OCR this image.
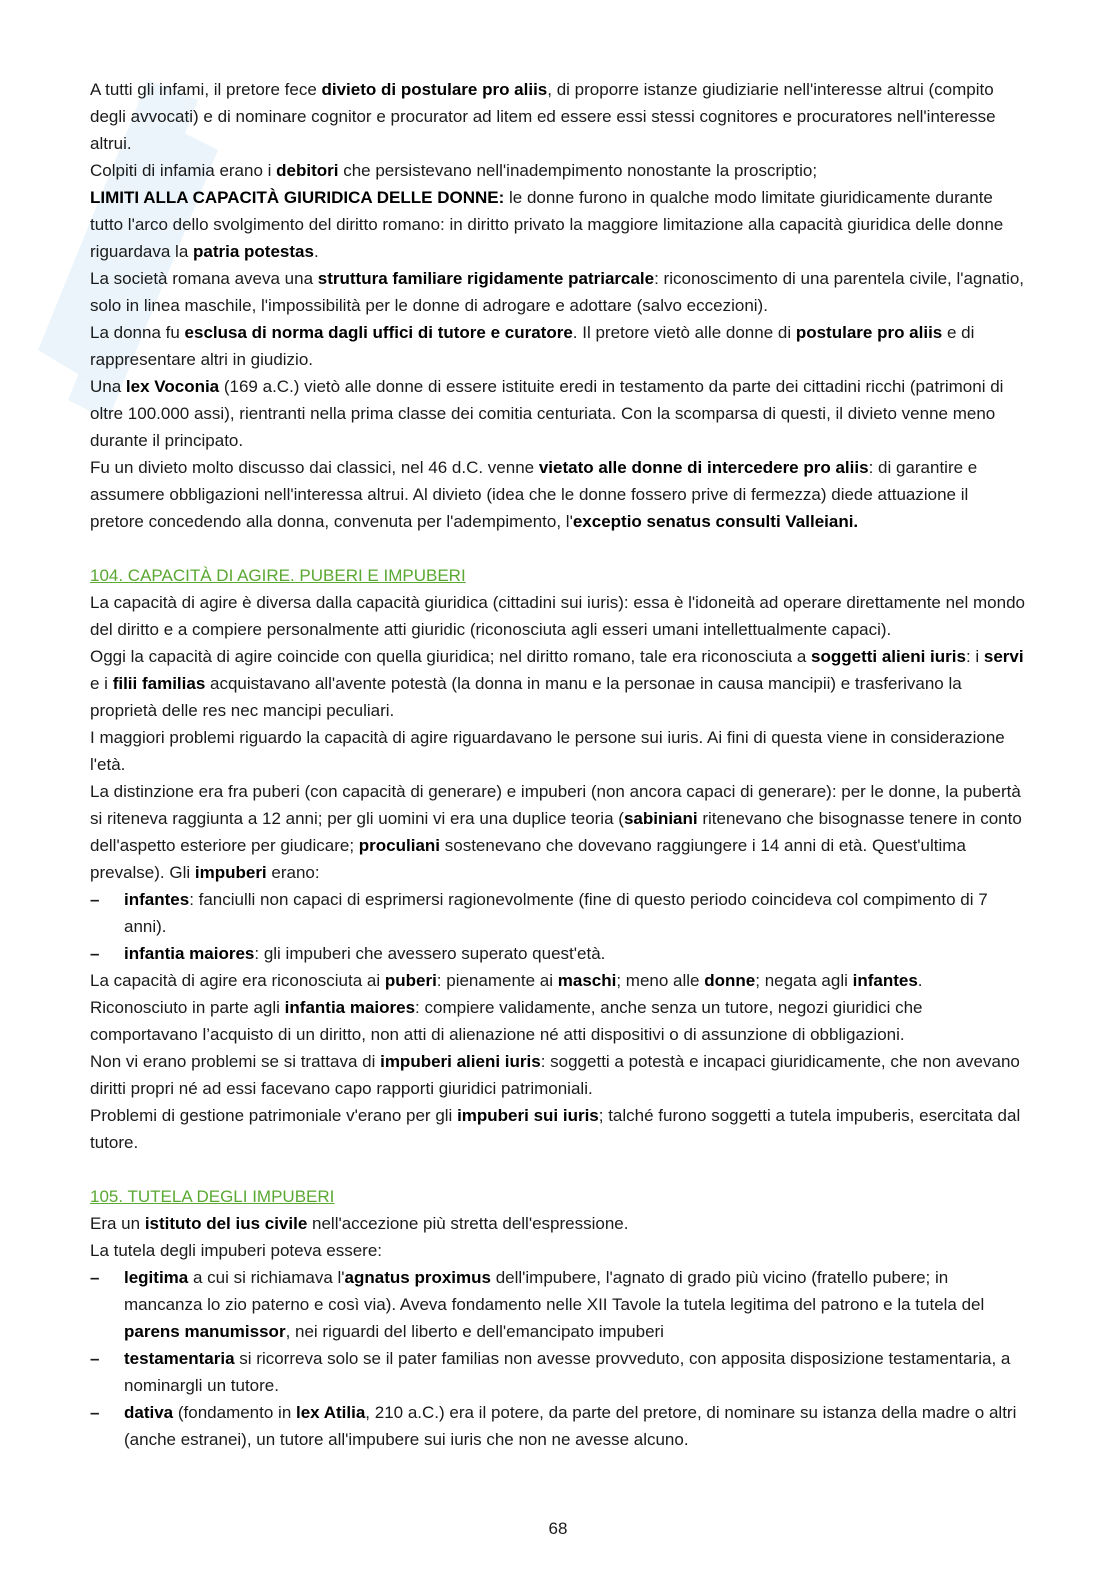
A tutti gli infami, il pretore fece divieto di postulare pro aliis, di proporre istanze giudiziarie nell'interesse altrui (compito degli avvocati) e di nominare cognitor e procurator ad litem ed essere essi stessi cognitores e procuratores nell'interesse altrui.

Colpiti di infamia erano i debitori che persistevano nell'inadempimento nonostante la proscriptio;

LIMITI ALLA CAPACITÀ GIURIDICA DELLE DONNE: le donne furono in qualche modo limitate giuridicamente durante tutto l'arco dello svolgimento del diritto romano: in diritto privato la maggiore limitazione alla capacità giuridica delle donne riguardava la patria potestas.

La società romana aveva una struttura familiare rigidamente patriarcale: riconoscimento di una parentela civile, l'agnatio, solo in linea maschile, l'impossibilità per le donne di adrogare e adottare (salvo eccezioni).

La donna fu esclusa di norma dagli uffici di tutore e curatore. Il pretore vietò alle donne di postulare pro aliis e di rappresentare altri in giudizio.

Una lex Voconia (169 a.C.) vietò alle donne di essere istituite eredi in testamento da parte dei cittadini ricchi (patrimoni di oltre 100.000 assi), rientranti nella prima classe dei comitia centuriata. Con la scomparsa di questi, il divieto venne meno durante il principato.

Fu un divieto molto discusso dai classici, nel 46 d.C. venne vietato alle donne di intercedere pro aliis: di garantire e assumere obbligazioni nell'interessa altrui. Al divieto (idea che le donne fossero prive di fermezza) diede attuazione il pretore concedendo alla donna, convenuta per l'adempimento, l'exceptio senatus consulti Valleiani.

104. CAPACITÀ DI AGIRE. PUBERI E IMPUBERI

La capacità di agire è diversa dalla capacità giuridica (cittadini sui iuris): essa è l'idoneità ad operare direttamente nel mondo del diritto e a compiere personalmente atti giuridic (riconosciuta agli esseri umani intellettualmente capaci).

Oggi la capacità di agire coincide con quella giuridica; nel diritto romano, tale era riconosciuta a soggetti alieni iuris: i servi e i filii familias acquistavano all'avente potestà (la donna in manu e la personae in causa mancipii) e trasferivano la proprietà delle res nec mancipi peculiari.

I maggiori problemi riguardo la capacità di agire riguardavano le persone sui iuris. Ai fini di questa viene in considerazione l'età.

La distinzione era fra puberi (con capacità di generare) e impuberi (non ancora capaci di generare): per le donne, la pubertà si riteneva raggiunta a 12 anni; per gli uomini vi era una duplice teoria (sabiniani ritenevano che bisognasse tenere in conto dell'aspetto esteriore per giudicare; proculiani sostenevano che dovevano raggiungere i 14 anni di età. Quest'ultima prevalse). Gli impuberi erano:

– infantes: fanciulli non capaci di esprimersi ragionevolmente (fine di questo periodo coincideva col compimento di 7 anni).
– infantia maiores: gli impuberi che avessero superato quest'età.

La capacità di agire era riconosciuta ai puberi: pienamente ai maschi; meno alle donne; negata agli infantes.

Riconosciuto in parte agli infantia maiores: compiere validamente, anche senza un tutore, negozi giuridici che comportavano l’acquisto di un diritto, non atti di alienazione né atti dispositivi o di assunzione di obbligazioni.

Non vi erano problemi se si trattava di impuberi alieni iuris: soggetti a potestà e incapaci giuridicamente, che non avevano diritti propri né ad essi facevano capo rapporti giuridici patrimoniali.

Problemi di gestione patrimoniale v'erano per gli impuberi sui iuris; talché furono soggetti a tutela impuberis, esercitata dal tutore.

105. TUTELA DEGLI IMPUBERI

Era un istituto del ius civile nell'accezione più stretta dell'espressione.

La tutela degli impuberi poteva essere:

– legitima a cui si richiamava l'agnatus proximus dell'impubere, l'agnato di grado più vicino (fratello pubere; in mancanza lo zio paterno e così via). Aveva fondamento nelle XII Tavole la tutela legitima del patrono e la tutela del parens manumissor, nei riguardi del liberto e dell'emancipato impuberi
– testamentaria si ricorreva solo se il pater familias non avesse provveduto, con apposita disposizione testamentaria, a nominargli un tutore.
– dativa (fondamento in lex Atilia, 210 a.C.) era il potere, da parte del pretore, di nominare su istanza della madre o altri (anche estranei), un tutore all'impubere sui iuris che non ne avesse alcuno.
68
